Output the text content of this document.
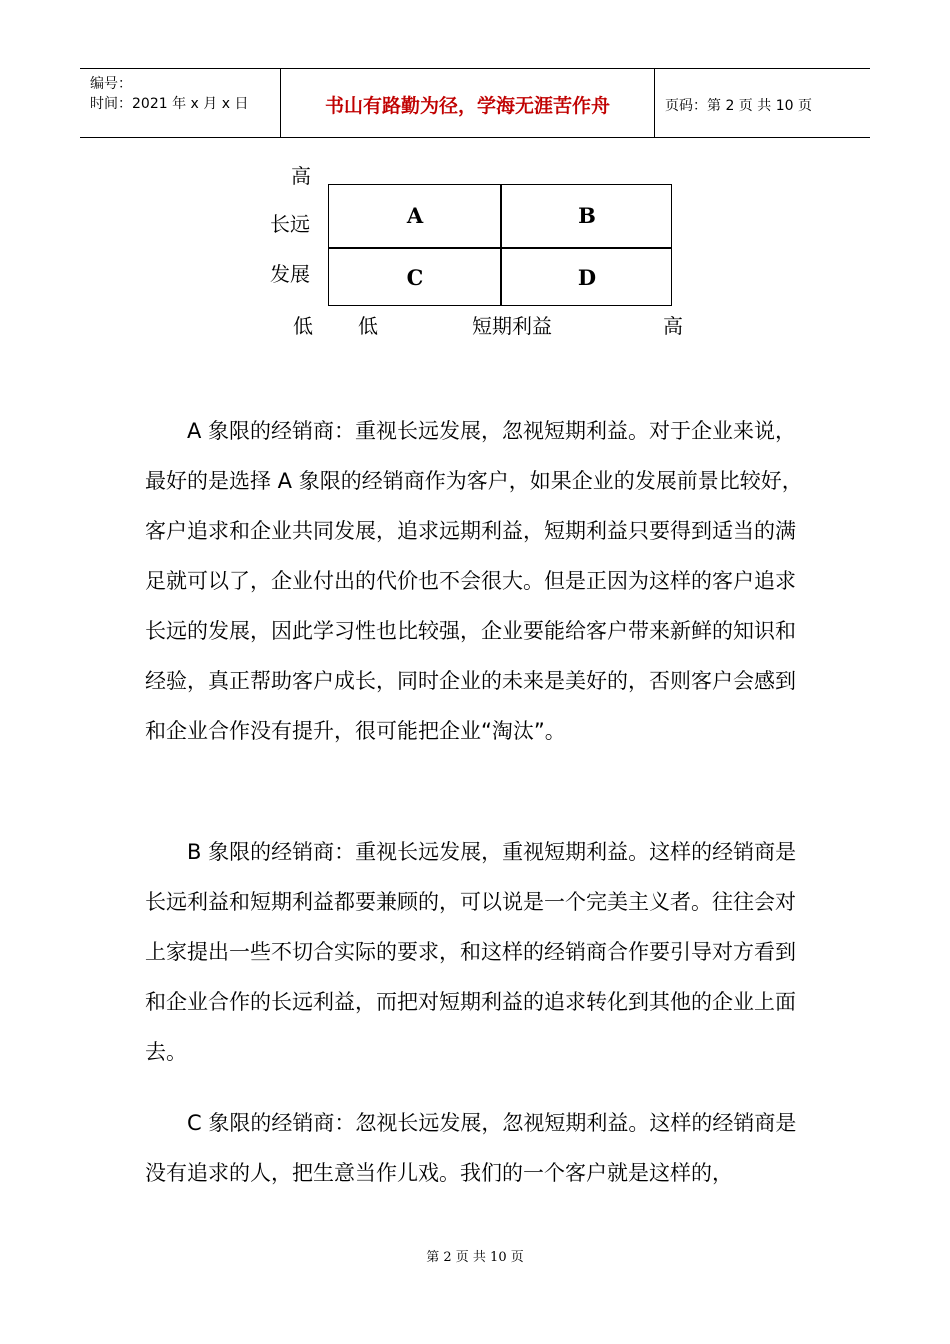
编号：
时间：2021 年 x 月 x 日	书山有路勤为径，学海无涯苦作舟	页码：第 2 页 共 10 页
高
长远
发展
低
A	B
C	D
低	短期利益	高

A 象限的经销商：重视长远发展，忽视短期利益。对于企业来说，最好的是选择 A 象限的经销商作为客户，如果企业的发展前景比较好，客户追求和企业共同发展，追求远期利益，短期利益只要得到适当的满足就可以了，企业付出的代价也不会很大。但是正因为这样的客户追求长远的发展，因此学习性也比较强，企业要能给客户带来新鲜的知识和经验，真正帮助客户成长，同时企业的未来是美好的，否则客户会感到和企业合作没有提升，很可能把企业“淘汰”。

B 象限的经销商：重视长远发展，重视短期利益。这样的经销商是长远利益和短期利益都要兼顾的，可以说是一个完美主义者。往往会对上家提出一些不切合实际的要求，和这样的经销商合作要引导对方看到和企业合作的长远利益，而把对短期利益的追求转化到其他的企业上面去。

C 象限的经销商：忽视长远发展，忽视短期利益。这样的经销商是没有追求的人，把生意当作儿戏。我们的一个客户就是这样的，

第 2 页 共 10 页
